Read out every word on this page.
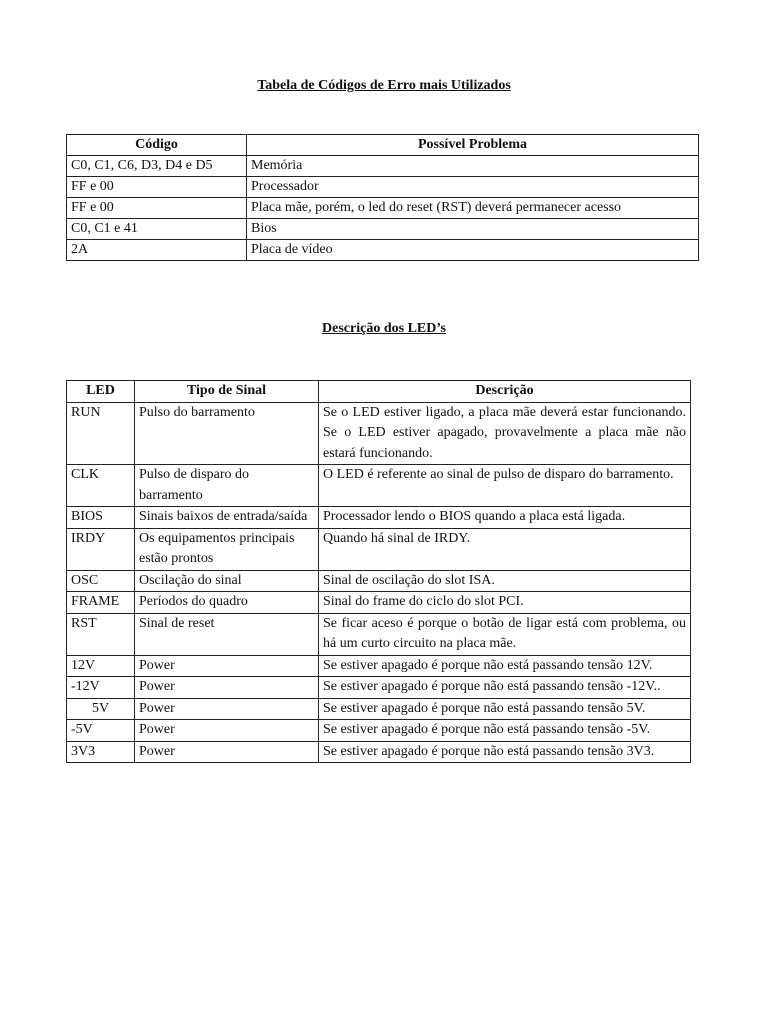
Tabela de Códigos de Erro mais Utilizados
Código	Possível Problema
C0, C1, C6, D3, D4 e D5	Memória
FF e 00	Processador
FF e 00	Placa mãe, porém, o led do reset (RST) deverá permanecer acesso
C0, C1 e 41	Bios
2A	Placa de vídeo
Descrição dos LED’s
LED	Tipo de Sinal	Descrição
RUN	Pulso do barramento	Se o LED estiver ligado, a placa mãe deverá estar funcionando. Se o LED estiver apagado, provavelmente a placa mãe não estará funcionando.
CLK	Pulso de disparo do barramento	O LED é referente ao sinal de pulso de disparo do barramento.
BIOS	Sinais baixos de entrada/saída	Processador lendo o BIOS quando a placa está ligada.
IRDY	Os equipamentos principais estão prontos	Quando há sinal de IRDY.
OSC	Oscilação do sinal	Sinal de oscilação do slot ISA.
FRAME	Períodos do quadro	Sinal do frame do ciclo do slot PCI.
RST	Sinal de reset	Se ficar aceso é porque o botão de ligar está com problema, ou há um curto circuito na placa mãe.
12V	Power	Se estiver apagado é porque não está passando tensão 12V.
-12V	Power	Se estiver apagado é porque não está passando tensão -12V..
5V	Power	Se estiver apagado é porque não está passando tensão 5V.
-5V	Power	Se estiver apagado é porque não está passando tensão -5V.
3V3	Power	Se estiver apagado é porque não está passando tensão 3V3.
